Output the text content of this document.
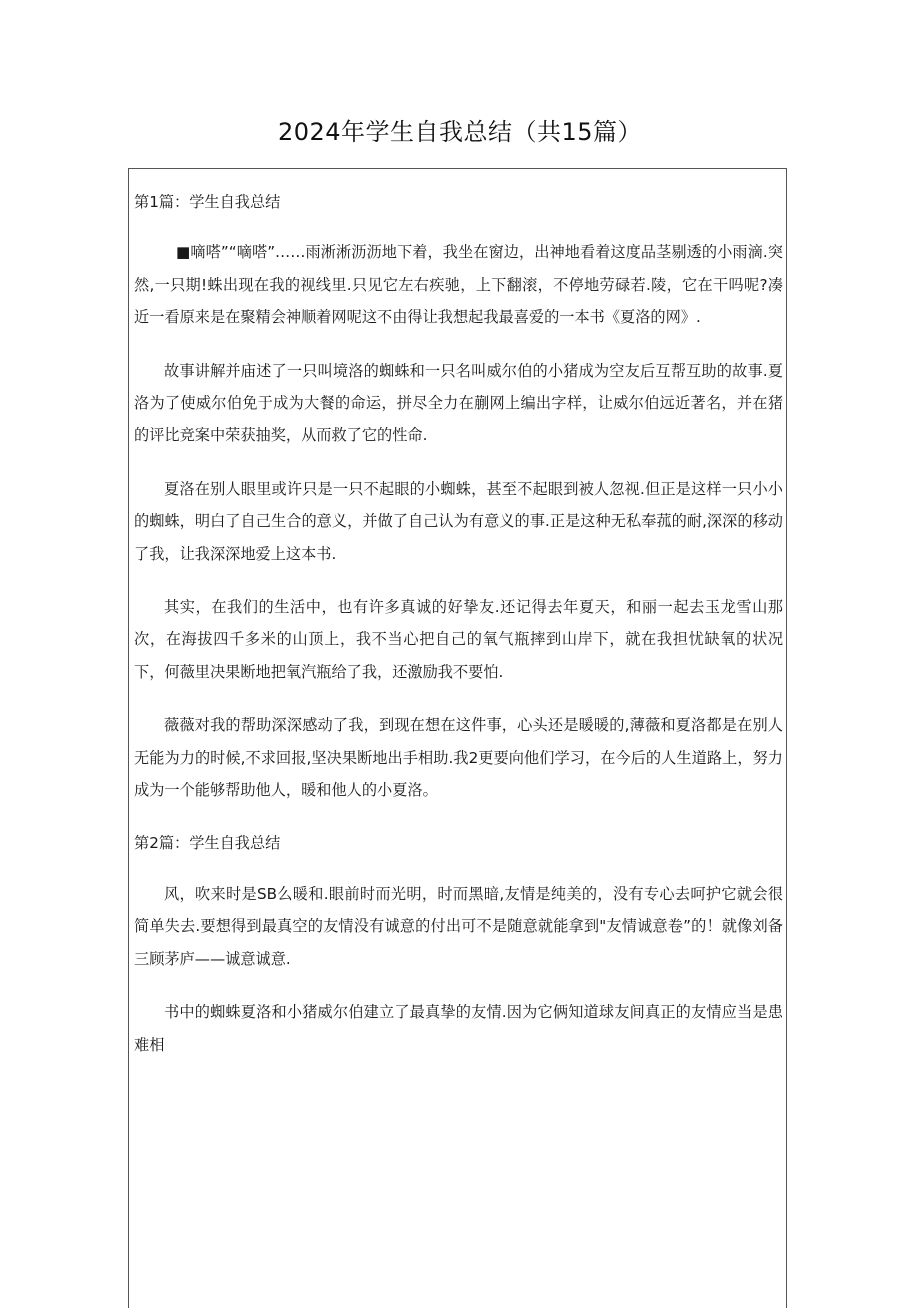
2024年学生自我总结（共15篇）
第1篇：学生自我总结

■嘀嗒”“嘀嗒”……雨淅淅沥沥地下着，我坐在窗边，出神地看着这度品茎剔透的小雨滴.突然,一只期!蛛出现在我的视线里.只见它左右疾驰，上下翻滚，不停地劳碌若.陵，它在干吗呢?凑近一看原来是在聚精会神顺着网呢这不由得让我想起我最喜爱的一本书《夏洛的网》.

故事讲解并庙述了一只叫境洛的蜘蛛和一只名叫威尔伯的小猪成为空友后互帮互助的故事.夏洛为了使威尔伯免于成为大餐的命运，拼尽全力在蒯网上编出字样，让威尔伯远近著名，并在猪的评比竞案中荣获抽奖，从而救了它的性命.

夏洛在别人眼里或许只是一只不起眼的小蜘蛛，甚至不起眼到被人忽视.但正是这样一只小小的蜘蛛，明白了自己生合的意义，并做了自己认为有意义的事.正是这种无私奉菰的耐,深深的移动了我，让我深深地爱上这本书.

其实，在我们的生活中，也有许多真诚的好挚友.还记得去年夏天，和丽一起去玉龙雪山那次，在海拔四千多米的山顶上，我不当心把自己的氧气瓶摔到山岸下，就在我担忧缺氧的状况下，何薇里决果断地把氧汽瓶给了我，还激励我不要怕.

薇薇对我的帮助深深感动了我，到现在想在这件事，心头还是暖暖的,薄薇和夏洛都是在别人无能为力的时候,不求回报,坚决果断地出手相助.我2更要向他们学习，在今后的人生道路上，努力成为一个能够帮助他人，暖和他人的小夏洛。

第2篇：学生自我总结

风，吹来时是SB么暖和.眼前时而光明，时而黑暗,友情是纯美的，没有专心去呵护它就会很简单失去.要想得到最真空的友情没有诚意的付出可不是随意就能拿到"友情诚意卷”的！就像刘备三顾茅庐——诚意诚意.

书中的蜘蛛夏洛和小猪威尔伯建立了最真挚的友情.因为它俩知道球友间真正的友情应当是患难相
